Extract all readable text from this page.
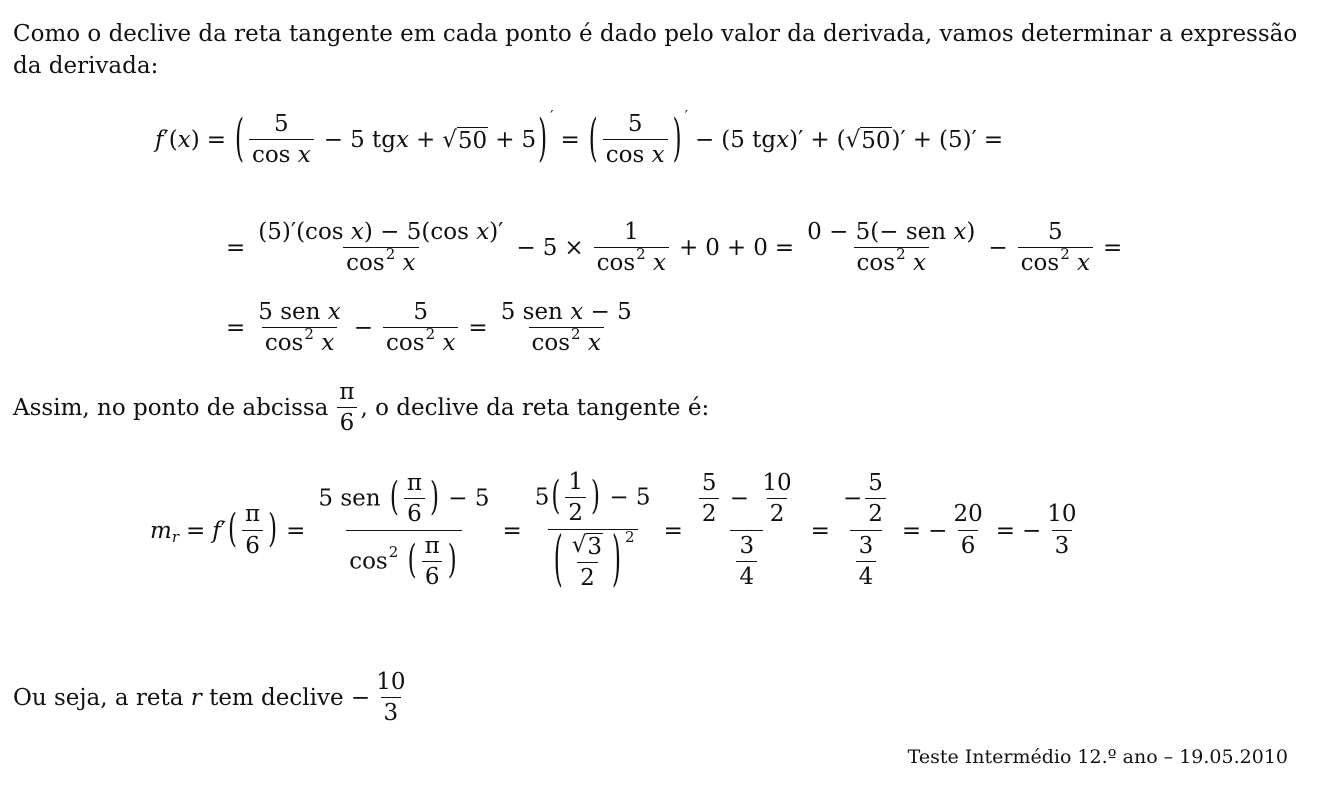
Como o declive da reta tangente em cada ponto é dado pelo valor da derivada, vamos determinar a expressão da derivada:

f ′( x ) = ( $\frac{5}{\text{cos x}} - 5$ tg x + √ 50 + 5 ) ′
= ( $\frac{5}{\text{cos x}}$ ) ′
− (5 tg x )′ + ( √ 50 )′ + (5)′ =
= $\frac{\text{(5)′(cos x) − 5(cos x)′}}{\cos^2 x} - 5 \times \frac{1}{\cos^2 x} + 0 + 0 = \frac{\text{0 − 5(− sen x)}}{\cos^2 x} - \frac{5}{\cos^2 x}$ =
= $\frac{\text{5 sen x}}{\cos^2 x} - \frac{5}{\cos^2 x} = \frac{\text{5 sen x − 5}}{\cos^2 x}$
Assim, no ponto de abcissa $\frac{\pi}{6}$ , o declive da reta tangente é:
m r = f ′ ( $\frac{\pi}{6}$ ) = $\frac{5 sen ( \frac{\pi}{6} ) - 5}{\cos^2 ( \frac{\pi}{6} )} = \frac{5( \frac{1}{2} ) - 5}{( \frac{√ 3}{2} ) ^2} = \frac{\frac{5}{2} - \frac{10}{2}}{\frac{3}{4}} = \frac{- \frac{5}{2}}{\frac{3}{4}}$ = − $\frac{20}{6}$ = − $\frac{10}{3}$
Ou seja, a reta
r
tem declive
− $\frac{10}{3}$
Teste Intermédio 12.º ano – 19.05.2010
